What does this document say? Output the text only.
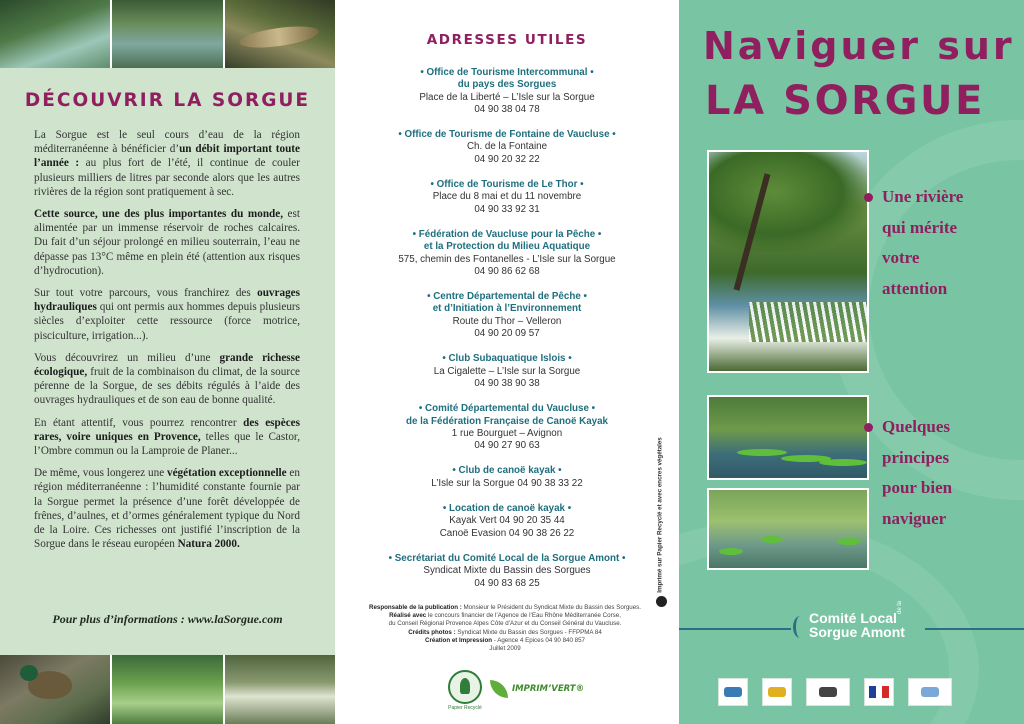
DÉCOUVRIR LA SORGUE

La Sorgue est le seul cours d’eau de la région méditerranéenne à bénéficier d’un débit important toute l’année : au plus fort de l’été, il continue de couler plusieurs milliers de litres par seconde alors que les autres rivières de la région sont pratiquement à sec.

Cette source, une des plus importantes du monde, est alimentée par un immense réservoir de roches calcaires. Du fait d’un séjour prolongé en milieu souterrain, l’eau ne dépasse pas 13°C même en plein été (attention aux risques d’hydrocution).

Sur tout votre parcours, vous franchirez des ouvrages hydrauliques qui ont permis aux hommes depuis plusieurs siècles d’exploiter cette ressource (force motrice, pisciculture, irrigation...).

Vous découvrirez un milieu d’une grande richesse écologique, fruit de la combinaison du climat, de la source pérenne de la Sorgue, de ses débits régulés à l’aide des ouvrages hydrauliques et de son eau de bonne qualité.

En étant attentif, vous pourrez rencontrer des espèces rares, voire uniques en Provence, telles que le Castor, l’Ombre commun ou la Lamproie de Planer...

De même, vous longerez une végétation exceptionnelle en région méditerranéenne : l’humidité constante fournie par la Sorgue permet la présence d’une forêt développée de frênes, d’aulnes, et d’ormes généralement typique du Nord de la Loire. Ces richesses ont justifié l’inscription de la Sorgue dans le réseau européen Natura 2000.

Pour plus d’informations : www.laSorgue.com
ADRESSES UTILES
• Office de Tourisme Intercommunal •
du pays des Sorgues
Place de la Liberté – L’Isle sur la Sorgue
04 90 38 04 78
• Office de Tourisme de Fontaine de Vaucluse •
Ch. de la Fontaine
04 90 20 32 22
• Office de Tourisme de Le Thor •
Place du 8 mai et du 11 novembre
04 90 33 92 31
• Fédération de Vaucluse pour la Pêche •
et la Protection du Milieu Aquatique
575, chemin des Fontanelles - L’Isle sur la Sorgue
04 90 86 62 68
• Centre Départemental de Pêche •
et d’Initiation à l’Environnement
Route du Thor – Velleron
04 90 20 09 57
• Club Subaquatique Islois •
La Cigalette – L’Isle sur la Sorgue
04 90 38 90 38
• Comité Départemental du Vaucluse •
de la Fédération Française de Canoë Kayak
1 rue Bourguet – Avignon
04 90 27 90 63
• Club de canoë kayak •
L’Isle sur la Sorgue 04 90 38 33 22
• Location de canoë kayak •
Kayak Vert 04 90 20 35 44
Canoë Evasion 04 90 38 26 22
• Secrétariat du Comité Local de la Sorgue Amont •
Syndicat Mixte du Bassin des Sorgues
04 90 83 68 25
Responsable de la publication : Monsieur le Président du Syndicat Mixte du Bassin des Sorgues.
Réalisé avec le concours financier de l’Agence de l’Eau Rhône Méditerranée Corse,
du Conseil Régional Provence Alpes Côte d’Azur et du Conseil Général du Vaucluse.
Crédits photos : Syndicat Mixte du Bassin des Sorgues - FFPPMA 84
Création et Impression - Agence 4 Epices 04 90 840 857
Juillet 2009
Imprimé sur Papier Recyclé et avec encres végétales
Papier Recyclé
IMPRIM’VERT®
Naviguer sur
LA SORGUE
Une rivière
qui mérite
votre
attention
Quelques
principes
pour bien
naviguer
Comité Local
Sorgue Amont
de la
